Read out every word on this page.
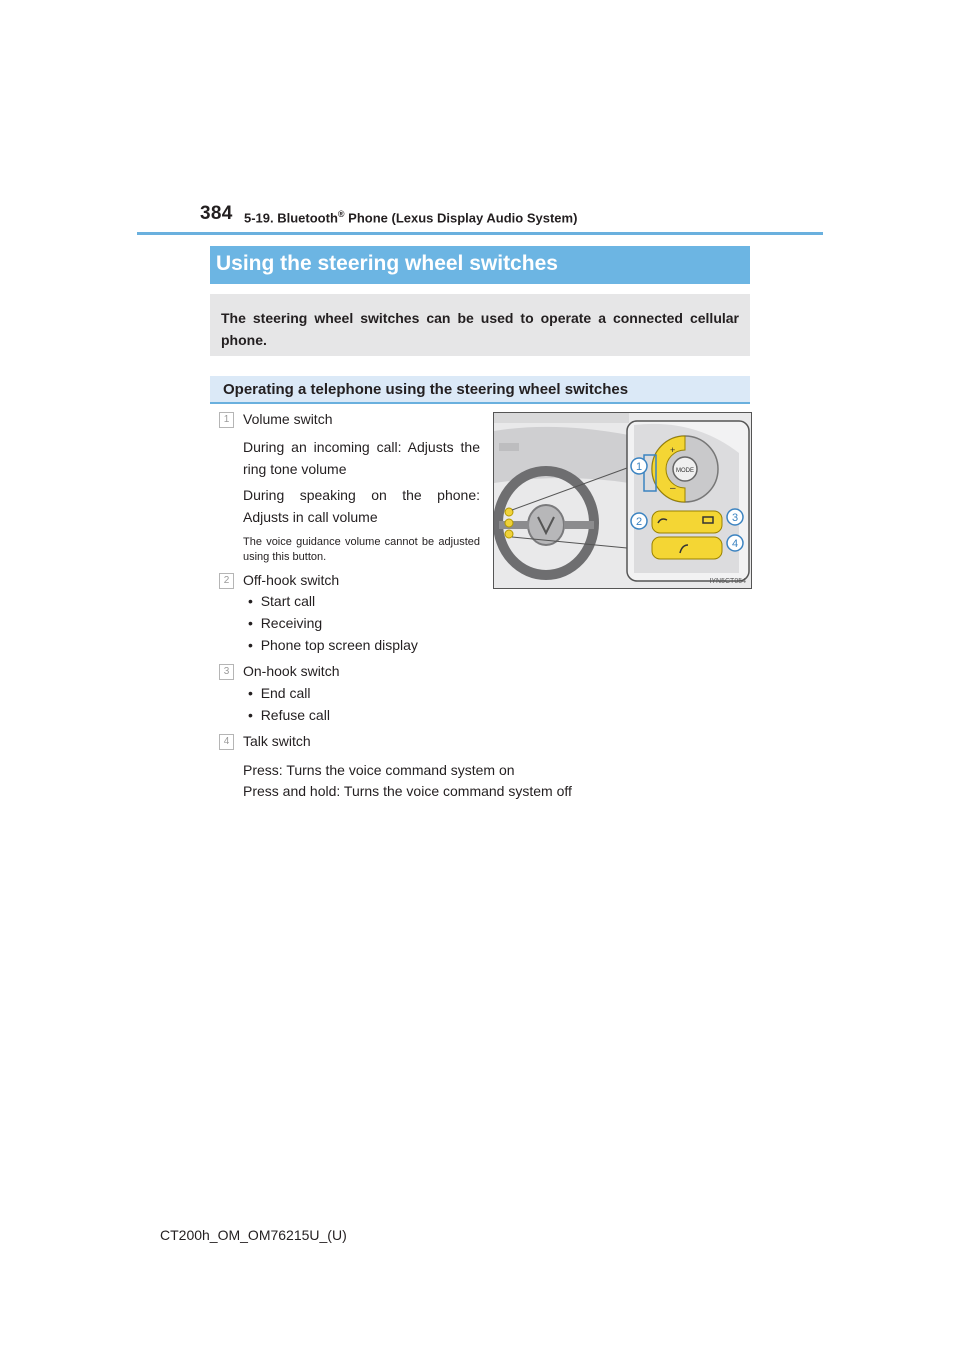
384 5-19. Bluetooth® Phone (Lexus Display Audio System)
Using the steering wheel switches
The steering wheel switches can be used to operate a connected cellular phone.
Operating a telephone using the steering wheel switches
1 Volume switch
During an incoming call: Adjusts the ring tone volume
During speaking on the phone: Adjusts in call volume
The voice guidance volume cannot be adjusted using this button.
2 Off-hook switch
•  Start call
•  Receiving
•  Phone top screen display
3 On-hook switch
•  End call
•  Refuse call
4 Talk switch
Press: Turns the voice command system on
Press and hold: Turns the voice command system off
MODE
+
–
1
2	3
4
IYN5CT054
CT200h_OM_OM76215U_(U)
